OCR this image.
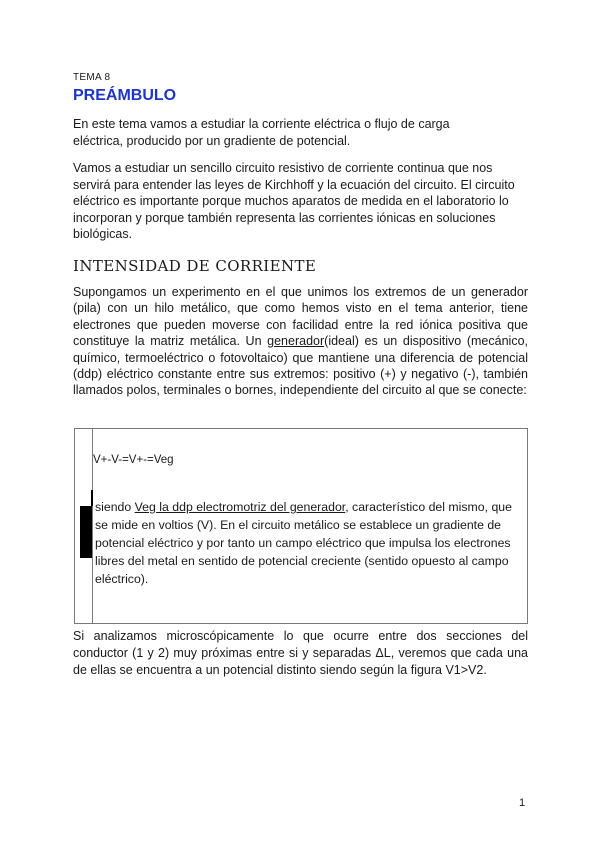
TEMA 8
PREÁMBULO

En este tema vamos a estudiar la corriente eléctrica o flujo de carga eléctrica, producido por un gradiente de potencial.

Vamos a estudiar un sencillo circuito resistivo de corriente continua que nos servirá para entender las leyes de Kirchhoff y la ecuación del circuito. El circuito eléctrico es importante porque muchos aparatos de medida en el laboratorio lo incorporan y porque también representa las corrientes iónicas en soluciones biológicas.

INTENSIDAD DE CORRIENTE

Supongamos un experimento en el que unimos los extremos de un generador (pila) con un hilo metálico, que como hemos visto en el tema anterior, tiene electrones que pueden moverse con facilidad entre la red iónica positiva que constituye la matriz metálica. Un generador(ideal) es un dispositivo (mecánico, químico, termoeléctrico o fotovoltaico) que mantiene una diferencia de potencial (ddp) eléctrico constante entre sus extremos: positivo (+) y negativo (-), también llamados polos, terminales o bornes, independiente del circuito al que se conecte:

V+-V-=V+-=Veg
siendo Veg la ddp electromotriz del generador, característico del mismo, que se mide en voltios (V). En el circuito metálico se establece un gradiente de potencial eléctrico y por tanto un campo eléctrico que impulsa los electrones libres del metal en sentido de potencial creciente (sentido opuesto al campo eléctrico).

Si analizamos microscópicamente lo que ocurre entre dos secciones del conductor (1 y 2) muy próximas entre si y separadas ΔL, veremos que cada una de ellas se encuentra a un potencial distinto siendo según la figura V1>V2.

1
